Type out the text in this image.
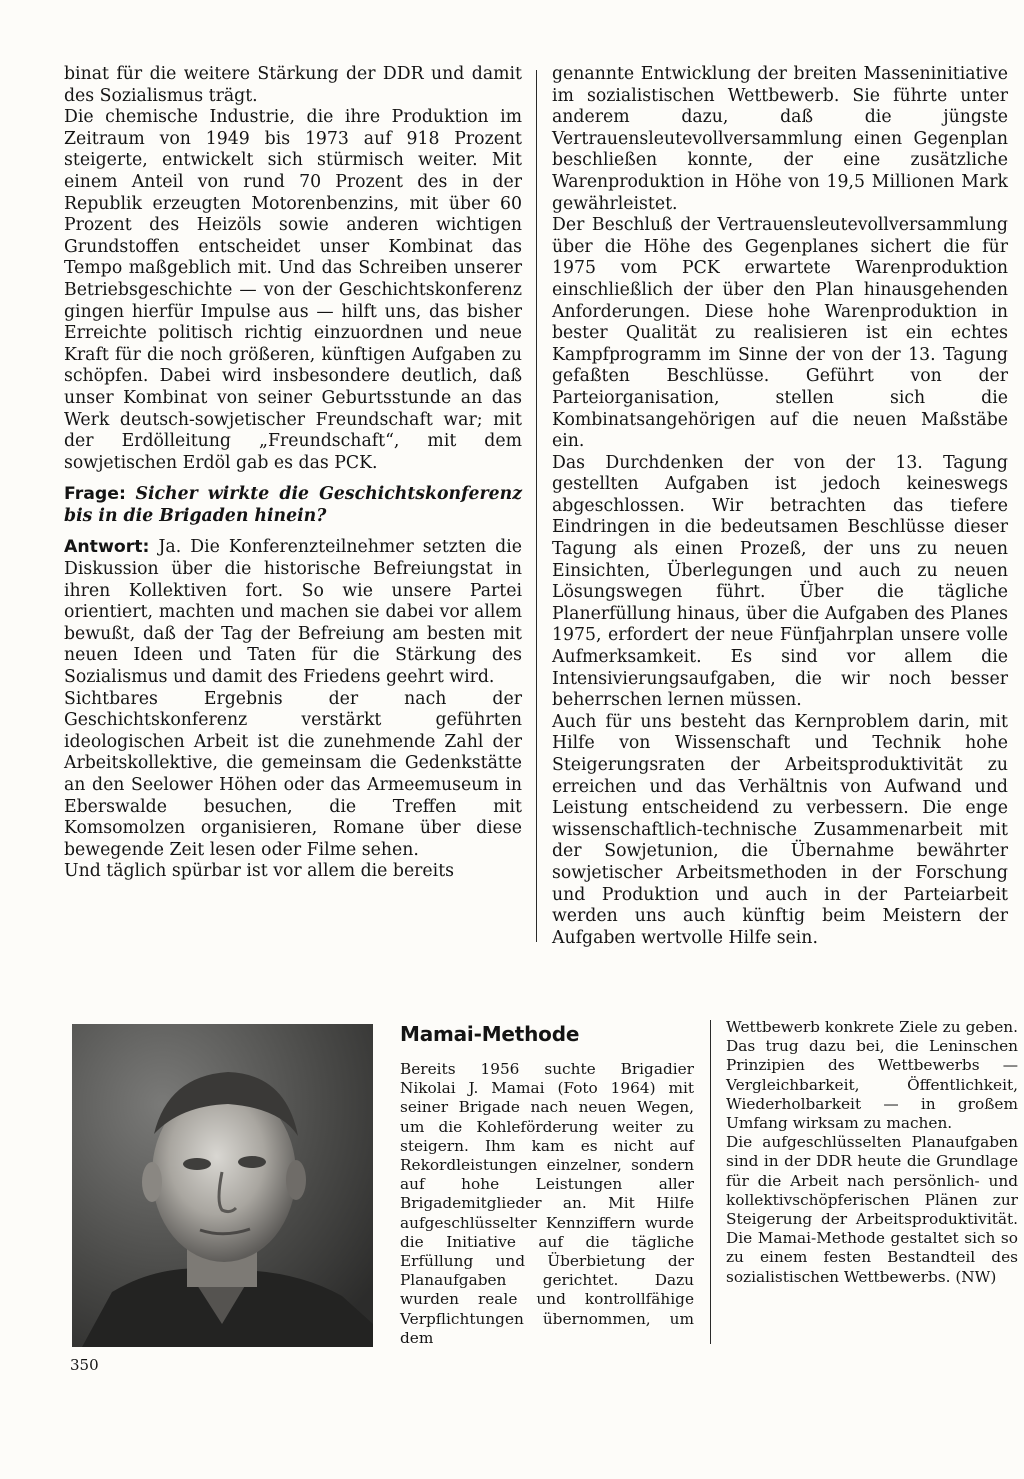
binat für die weitere Stärkung der DDR und damit des Sozialismus trägt.

Die chemische Industrie, die ihre Produktion im Zeitraum von 1949 bis 1973 auf 918 Prozent steigerte, entwickelt sich stürmisch weiter. Mit einem Anteil von rund 70 Prozent des in der Republik erzeugten Motorenbenzins, mit über 60 Prozent des Heizöls sowie anderen wichtigen Grundstoffen entscheidet unser Kombinat das Tempo maßgeblich mit. Und das Schreiben unserer Betriebsgeschichte — von der Geschichtskonferenz gingen hierfür Impulse aus — hilft uns, das bisher Erreichte politisch richtig einzuordnen und neue Kraft für die noch größeren, künftigen Aufgaben zu schöpfen. Dabei wird insbesondere deutlich, daß unser Kombinat von seiner Geburtsstunde an das Werk deutsch-sowjetischer Freundschaft war; mit der Erdölleitung „Freundschaft“, mit dem sowjetischen Erdöl gab es das PCK.

Frage: Sicher wirkte die Geschichtskonferenz bis in die Brigaden hinein?

Antwort: Ja. Die Konferenzteilnehmer setzten die Diskussion über die historische Befreiungstat in ihren Kollektiven fort. So wie unsere Partei orientiert, machten und machen sie dabei vor allem bewußt, daß der Tag der Befreiung am besten mit neuen Ideen und Taten für die Stärkung des Sozialismus und damit des Friedens geehrt wird.

Sichtbares Ergebnis der nach der Geschichtskonferenz verstärkt geführten ideologischen Arbeit ist die zunehmende Zahl der Arbeitskollektive, die gemeinsam die Gedenkstätte an den Seelower Höhen oder das Armeemuseum in Eberswalde besuchen, die Treffen mit Komsomolzen organisieren, Romane über diese bewegende Zeit lesen oder Filme sehen.

Und täglich spürbar ist vor allem die bereits

genannte Entwicklung der breiten Masseninitiative im sozialistischen Wettbewerb. Sie führte unter anderem dazu, daß die jüngste Vertrauensleutevollversammlung einen Gegenplan beschließen konnte, der eine zusätzliche Warenproduktion in Höhe von 19,5 Millionen Mark gewährleistet.

Der Beschluß der Vertrauensleutevollversammlung über die Höhe des Gegenplanes sichert die für 1975 vom PCK erwartete Warenproduktion einschließlich der über den Plan hinausgehenden Anforderungen. Diese hohe Warenproduktion in bester Qualität zu realisieren ist ein echtes Kampfprogramm im Sinne der von der 13. Tagung gefaßten Beschlüsse. Geführt von der Parteiorganisation, stellen sich die Kombinatsangehörigen auf die neuen Maßstäbe ein.

Das Durchdenken der von der 13. Tagung gestellten Aufgaben ist jedoch keineswegs abgeschlossen. Wir betrachten das tiefere Eindringen in die bedeutsamen Beschlüsse dieser Tagung als einen Prozeß, der uns zu neuen Einsichten, Überlegungen und auch zu neuen Lösungswegen führt. Über die tägliche Planerfüllung hinaus, über die Aufgaben des Planes 1975, erfordert der neue Fünfjahrplan unsere volle Aufmerksamkeit. Es sind vor allem die Intensivierungsaufgaben, die wir noch besser beherrschen lernen müssen.

Auch für uns besteht das Kernproblem darin, mit Hilfe von Wissenschaft und Technik hohe Steigerungsraten der Arbeitsproduktivität zu erreichen und das Verhältnis von Aufwand und Leistung entscheidend zu verbessern. Die enge wissenschaftlich-technische Zusammenarbeit mit der Sowjetunion, die Übernahme bewährter sowjetischer Arbeitsmethoden in der Forschung und Produktion und auch in der Parteiarbeit werden uns auch künftig beim Meistern der Aufgaben wertvolle Hilfe sein.

Mamai-Methode

Bereits 1956 suchte Brigadier Nikolai J. Mamai (Foto 1964) mit seiner Brigade nach neuen Wegen, um die Kohleförderung weiter zu steigern. Ihm kam es nicht auf Rekordleistungen einzelner, sondern auf hohe Leistungen aller Brigademitglieder an. Mit Hilfe aufgeschlüsselter Kennziffern wurde die Initiative auf die tägliche Erfüllung und Überbietung der Planaufgaben gerichtet. Dazu wurden reale und kontrollfähige Verpflichtungen übernommen, um dem

Wettbewerb konkrete Ziele zu geben. Das trug dazu bei, die Leninschen Prinzipien des Wettbewerbs — Vergleichbarkeit, Öffentlichkeit, Wiederholbarkeit — in großem Umfang wirksam zu machen.

Die aufgeschlüsselten Planaufgaben sind in der DDR heute die Grundlage für die Arbeit nach persönlich- und kollektivschöpferischen Plänen zur Steigerung der Arbeitsproduktivität. Die Mamai-Methode gestaltet sich so zu einem festen Bestandteil des sozialistischen Wettbewerbs. (NW)

350
